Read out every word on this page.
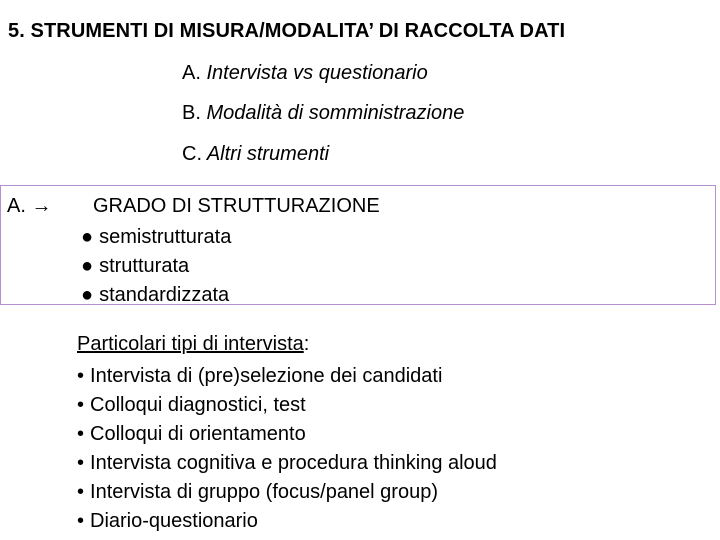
5. STRUMENTI DI MISURA/MODALITA’ DI RACCOLTA DATI
A. Intervista vs questionario
B. Modalità di somministrazione
C. Altri strumenti
A. → GRADO DI STRUTTURAZIONE
● semistrutturata
● strutturata
● standardizzata
Particolari tipi di intervista:
• Intervista di (pre)selezione dei candidati
• Colloqui diagnostici, test
• Colloqui di orientamento
• Intervista cognitiva e procedura thinking aloud
• Intervista di gruppo (focus/panel group)
• Diario-questionario
